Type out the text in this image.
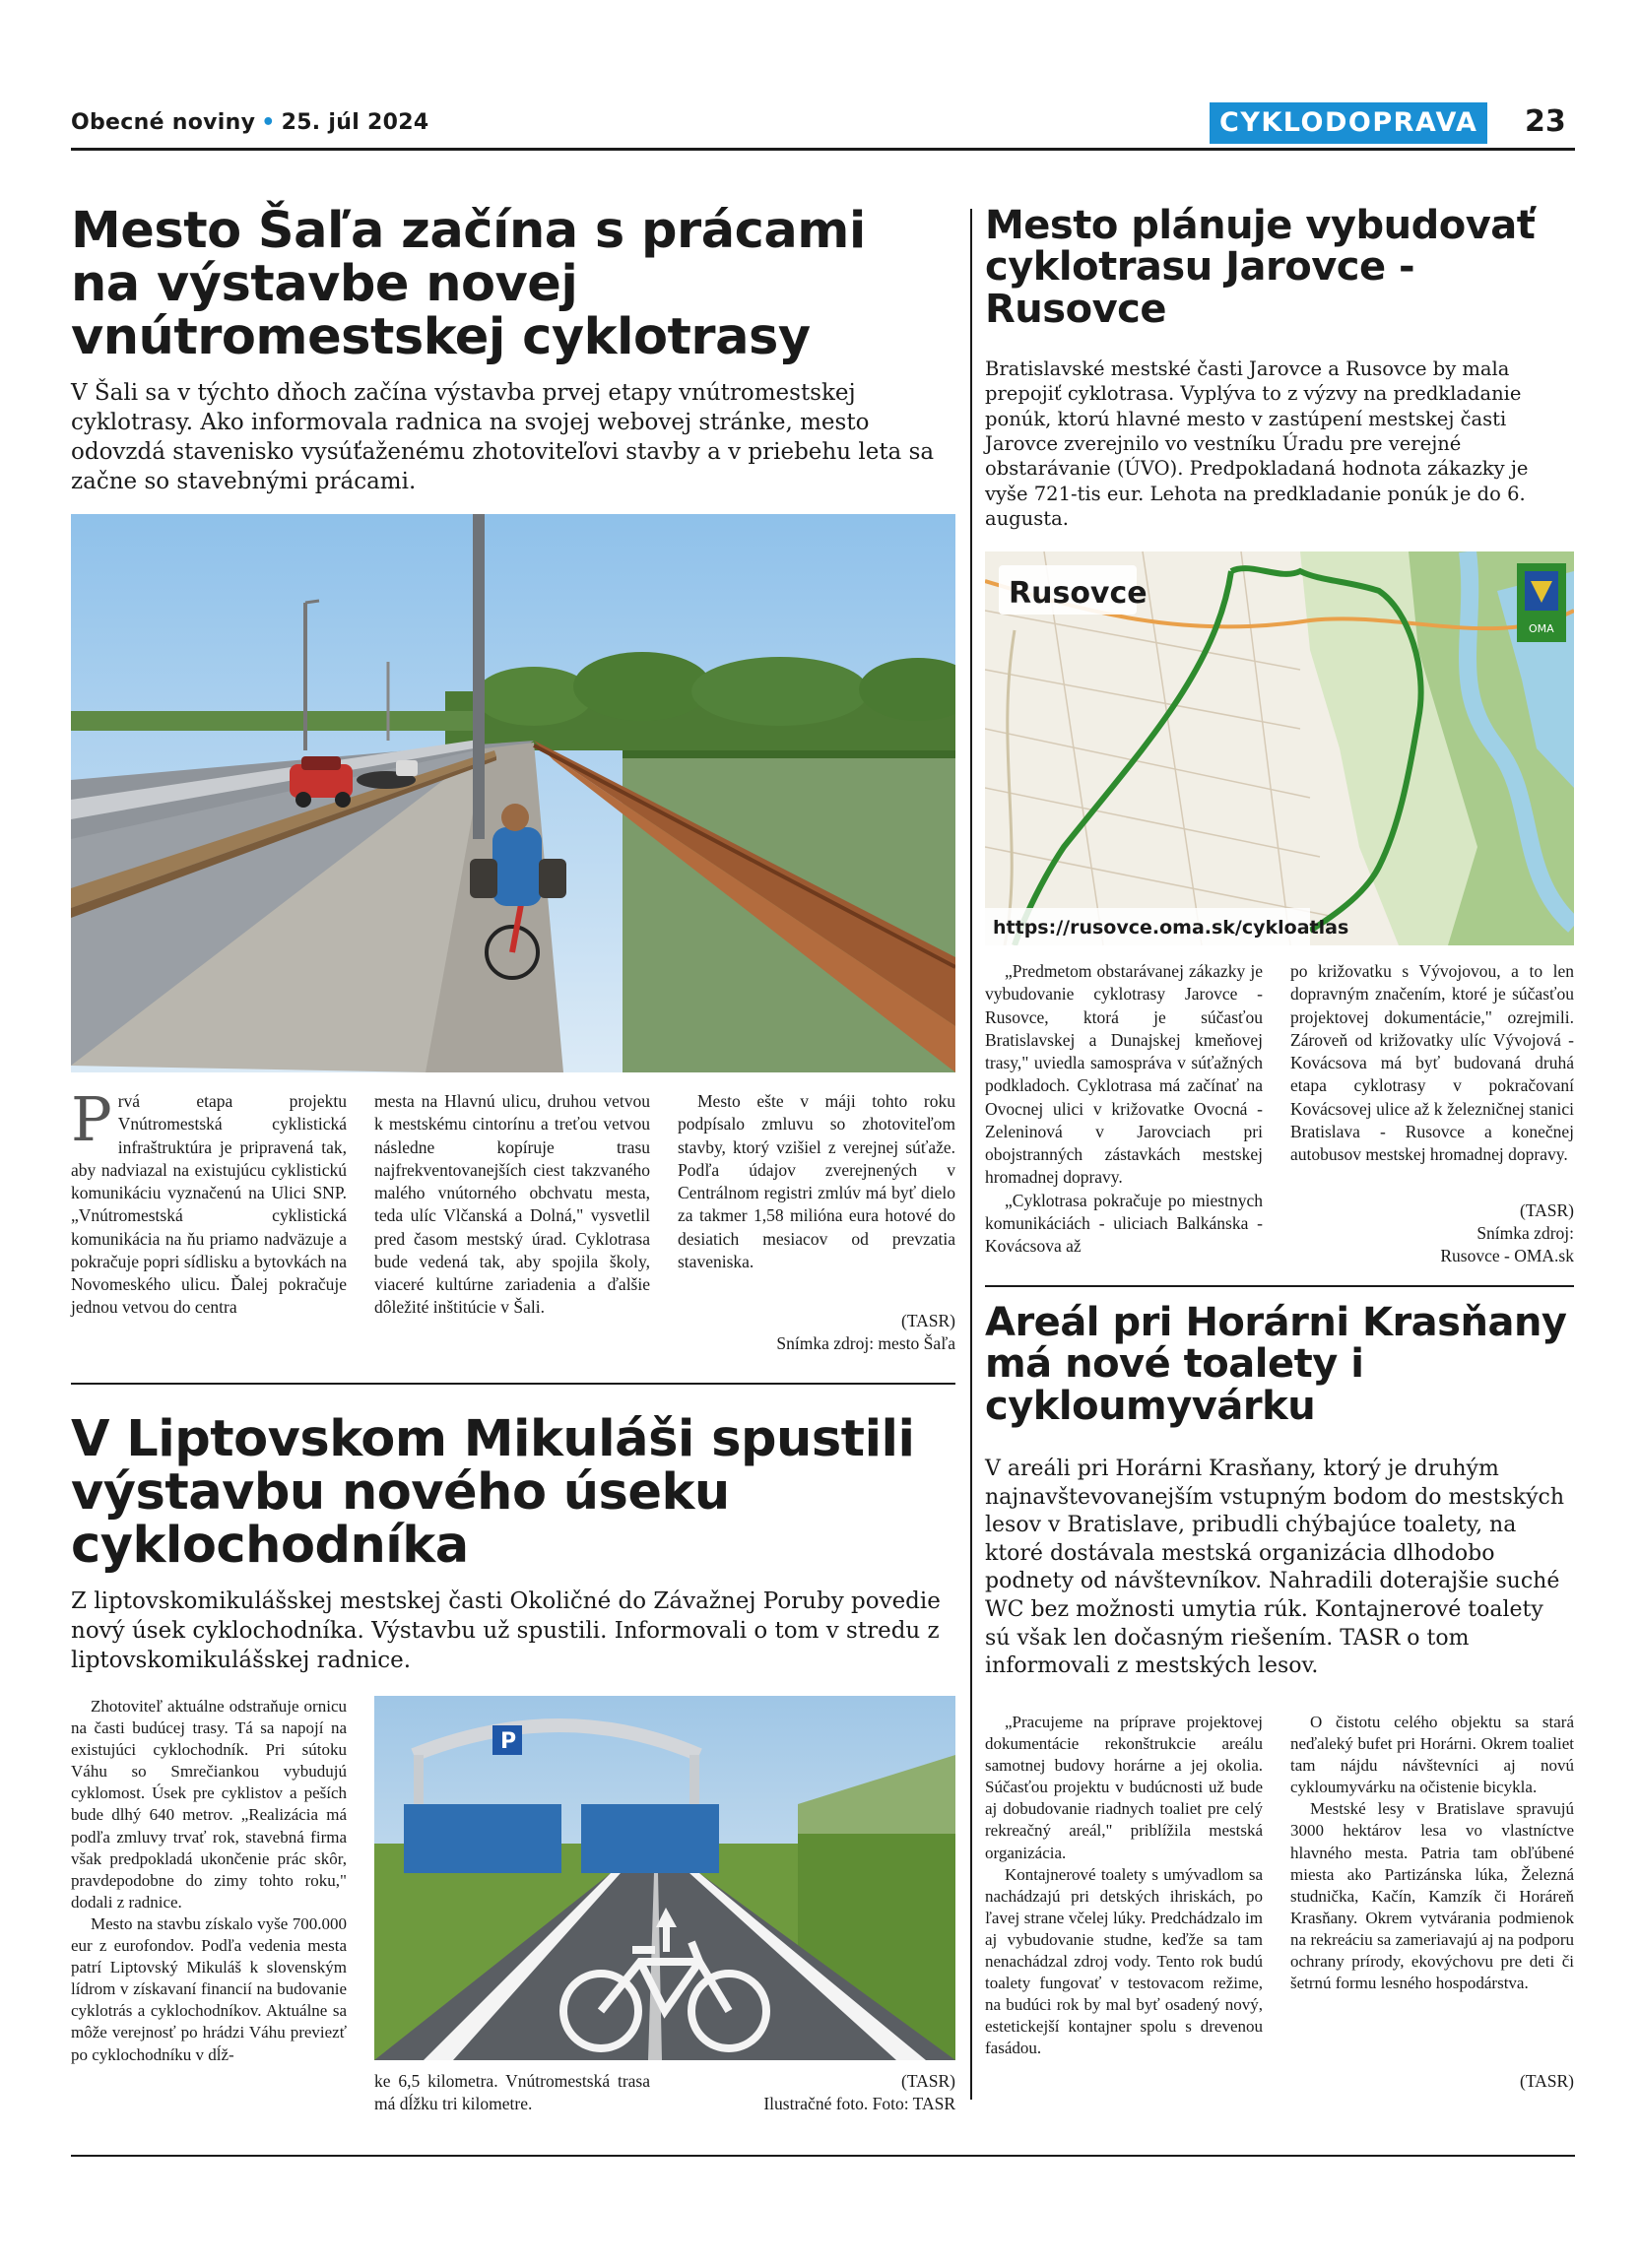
Obecné noviny • 25. júl 2024	CYKLODOPRAVA	23
Mesto Šaľa začína s prácami na výstavbe novej vnútromestskej cyklotrasy

V Šali sa v týchto dňoch začína výstavba prvej etapy vnútromestskej cyklotrasy. Ako informovala radnica na svojej webovej stránke, mesto odovzdá stavenisko vysúťaženému zhotoviteľovi stavby a v priebehu leta sa začne so stavebnými prácami.

P rvá etapa projektu Vnútromestská cyklistická infraštruktúra je pripravená tak, aby nadviazal na existujúcu cyklistickú komunikáciu vyznačenú na Ulici SNP. „Vnútromestská cyklistická komunikácia na ňu priamo nadväzuje a pokračuje popri sídlisku a bytovkách na Novomeského ulicu. Ďalej pokračuje jednou vetvou do centra
mesta na Hlavnú ulicu, druhou vetvou k mestskému cintorínu a treťou vetvou následne kopíruje trasu najfrekventovanejších ciest takzvaného malého vnútorného obchvatu mesta, teda ulíc Vlčanská a Dolná," vysvetlil pred časom mestský úrad. Cyklotrasa bude vedená tak, aby spojila školy, viaceré kultúrne zariadenia a ďalšie dôležité inštitúcie v Šali.

Mesto ešte v máji tohto roku podpísalo zmluvu so zhotoviteľom stavby, ktorý vzišiel z verejnej súťaže. Podľa údajov zverejnených v Centrálnom registri zmlúv má byť dielo za takmer 1,58 milióna eura hotové do desiatich mesiacov od prevzatia staveniska.

(TASR)
Snímka zdroj: mesto Šaľa
Mesto plánuje vybudovať cyklotrasu Jarovce - Rusovce

Bratislavské mestské časti Jarovce a Rusovce by mala prepojiť cyklotrasa. Vyplýva to z výzvy na predkladanie ponúk, ktorú hlavné mesto v zastúpení mestskej časti Jarovce zverejnilo vo vestníku Úradu pre verejné obstarávanie (ÚVO). Predpokladaná hodnota zákazky je vyše 721-tis eur. Lehota na predkladanie ponúk je do 6. augusta.

Rusovce
OMA
https://rusovce.oma.sk/cykloatlas

„Predmetom obstarávanej zákazky je vybudovanie cyklotrasy Jarovce - Rusovce, ktorá je súčasťou Bratislavskej a Dunajskej kmeňovej trasy," uviedla samospráva v súťažných podkladoch. Cyklotrasa má začínať na Ovocnej ulici v križovatke Ovocná - Zeleninová v Jarovciach pri obojstranných zástavkách mestskej hromadnej dopravy.

„Cyklotrasa pokračuje po miestnych komunikáciách - uliciach Balkánska - Kovácsova až

po križovatku s Vývojovou, a to len dopravným značením, ktoré je súčasťou projektovej dokumentácie," ozrejmili. Zároveň od križovatky ulíc Vývojová - Kovácsova má byť budovaná druhá etapa cyklotrasy v pokračovaní Kovácsovej ulice až k železničnej stanici Bratislava - Rusovce a konečnej autobusov mestskej hromadnej dopravy.

(TASR)
Snímka zdroj:
Rusovce - OMA.sk
V Liptovskom Mikuláši spustili výstavbu nového úseku cyklochodníka

Z liptovskomikulášskej mestskej časti Okoličné do Závažnej Poruby povedie nový úsek cyklochodníka. Výstavbu už spustili. Informovali o tom v stredu z liptovskomikulášskej radnice.

Zhotoviteľ aktuálne odstraňuje ornicu na časti budúcej trasy. Tá sa napojí na existujúci cyklochodník. Pri sútoku Váhu so Smrečiankou vybudujú cyklomost. Úsek pre cyklistov a peších bude dlhý 640 metrov. „Realizácia má podľa zmluvy trvať rok, stavebná firma však predpokladá ukončenie prác skôr, pravdepodobne do zimy tohto roku," dodali z radnice.

Mesto na stavbu získalo vyše 700.000 eur z eurofondov. Podľa vedenia mesta patrí Liptovský Mikuláš k slovenským lídrom v získavaní financií na budovanie cyklotrás a cyklochodníkov. Aktuálne sa môže verejnosť po hrádzi Váhu previezť po cyklochodníku v dĺž-

P

ke 6,5 kilometra. Vnútromestská trasa má dĺžku tri kilometre.

(TASR)
Ilustračné foto. Foto: TASR
Areál pri Horárni Krasňany má nové toalety i cykloumyvárku

V areáli pri Horárni Krasňany, ktorý je druhým najnavštevovanejším vstupným bodom do mestských lesov v Bratislave, pribudli chýbajúce toalety, na ktoré dostávala mestská organizácia dlhodobo podnety od návštevníkov. Nahradili doterajšie suché WC bez možnosti umytia rúk. Kontajnerové toalety sú však len dočasným riešením. TASR o tom informovali z mestských lesov.

„Pracujeme na príprave projektovej dokumentácie rekonštrukcie areálu samotnej budovy horárne a jej okolia. Súčasťou projektu v budúcnosti už bude aj dobudovanie riadnych toaliet pre celý rekreačný areál," priblížila mestská organizácia.

Kontajnerové toalety s umývadlom sa nachádzajú pri detských ihriskách, po ľavej strane včelej lúky. Predchádzalo im aj vybudovanie studne, keďže sa tam nenachádzal zdroj vody. Tento rok budú toalety fungovať v testovacom režime, na budúci rok by mal byť osadený nový, estetickejší kontajner spolu s drevenou fasádou.

O čistotu celého objektu sa stará neďaleký bufet pri Horárni. Okrem toaliet tam nájdu návštevníci aj novú cykloumyvárku na očistenie bicykla.

Mestské lesy v Bratislave spravujú 3000 hektárov lesa vo vlastníctve hlavného mesta. Patria tam obľúbené miesta ako Partizánska lúka, Železná studnička, Kačín, Kamzík či Horáreň Krasňany. Okrem vytvárania podmienok na rekreáciu sa zameriavajú aj na podporu ochrany prírody, ekovýchovu pre deti či šetrnú formu lesného hospodárstva.

(TASR)
